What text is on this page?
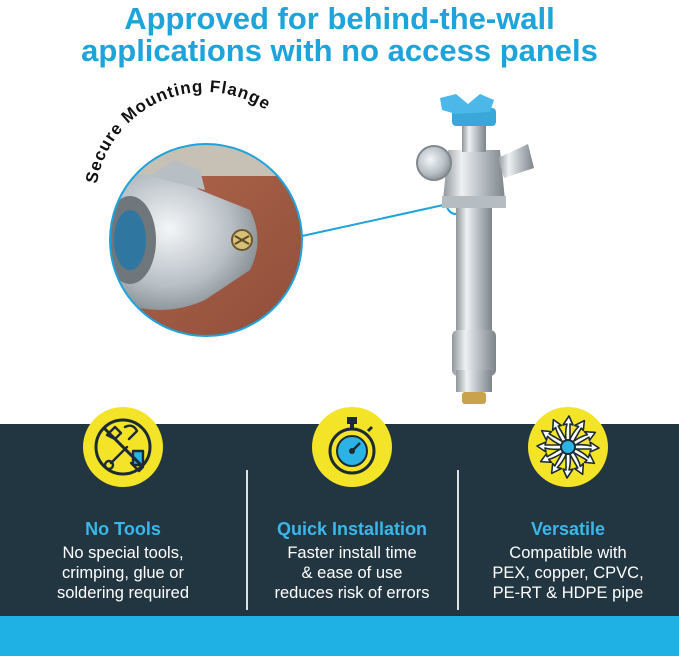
Approved for behind-the-wall
applications with no access panels
Secure Mounting Flange
No Tools
No special tools,
crimping, glue or
soldering required
Quick Installation
Faster install time
& ease of use
reduces risk of errors
Versatile
Compatible with
PEX, copper, CPVC,
PE-RT & HDPE pipe
